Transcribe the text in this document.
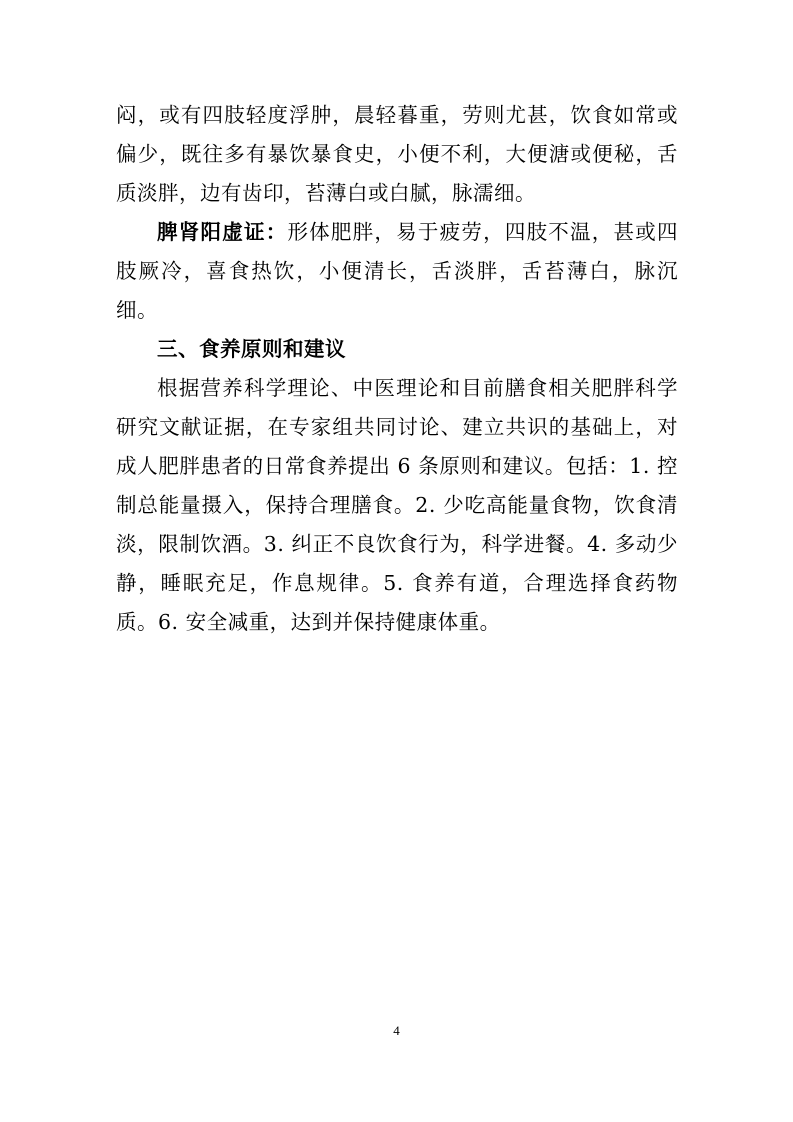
闷，或有四肢轻度浮肿，晨轻暮重，劳则尤甚，饮食如常或偏少，既往多有暴饮暴食史，小便不利，大便溏或便秘，舌质淡胖，边有齿印，苔薄白或白腻，脉濡细。

脾肾阳虚证：形体肥胖，易于疲劳，四肢不温，甚或四肢厥冷，喜食热饮，小便清长，舌淡胖，舌苔薄白，脉沉细。

三、食养原则和建议

根据营养科学理论、中医理论和目前膳食相关肥胖科学研究文献证据，在专家组共同讨论、建立共识的基础上，对成人肥胖患者的日常食养提出 6 条原则和建议。包括：1. 控制总能量摄入，保持合理膳食。2. 少吃高能量食物，饮食清淡，限制饮酒。3. 纠正不良饮食行为，科学进餐。4. 多动少静，睡眠充足，作息规律。5. 食养有道，合理选择食药物质。6. 安全减重，达到并保持健康体重。

4
